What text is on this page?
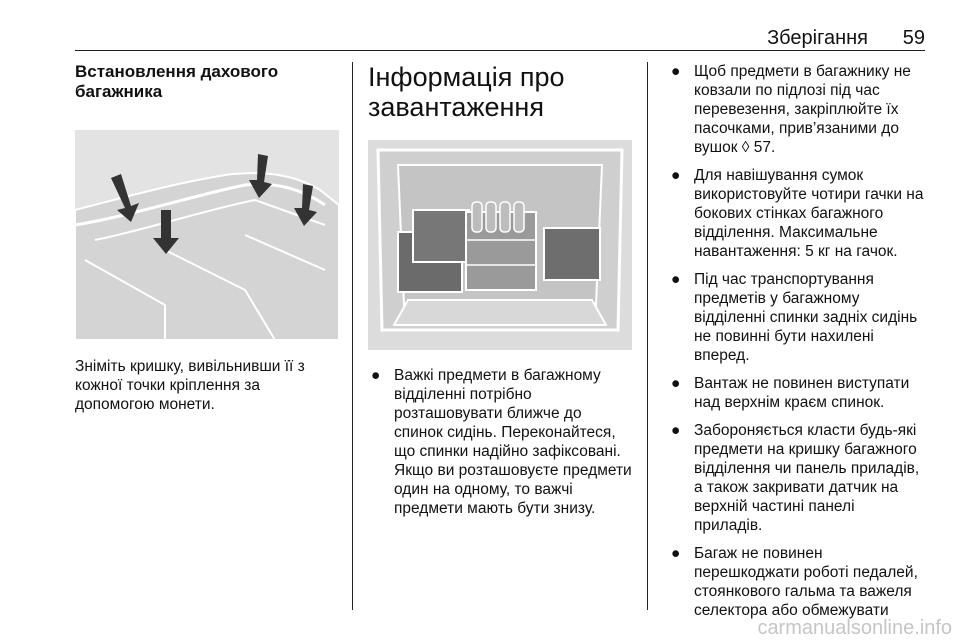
Зберігання 59

Встановлення дахового багажника

Зніміть кришку, вивільнивши її з кожної точки кріплення за допомогою монети.

Інформація про завантаження
● Важкі предмети в багажному відділенні потрібно розташовувати ближче до спинок сидінь. Переконайтеся, що спинки надійно зафіксовані. Якщо ви розташовуєте предмети один на одному, то важчі предмети мають бути знизу.
● Щоб предмети в багажнику не ковзали по підлозі під час перевезення, закріплюйте їх пасочками, прив’язаними до вушок ◊ 57.
● Для навішування сумок використовуйте чотири гачки на бокових стінках багажного відділення. Максимальне навантаження: 5 кг на гачок.
● Під час транспортування предметів у багажному відділенні спинки задніх сидінь не повинні бути нахилені вперед.
● Вантаж не повинен виступати над верхнім краєм спинок.
● Забороняється класти будь-які предмети на кришку багажного відділення чи панель приладів, а також закривати датчик на верхній частині панелі приладів.
● Багаж не повинен перешкоджати роботі педалей, стоянкового гальма та важеля селектора або обмежувати
carmanualsonline.info
